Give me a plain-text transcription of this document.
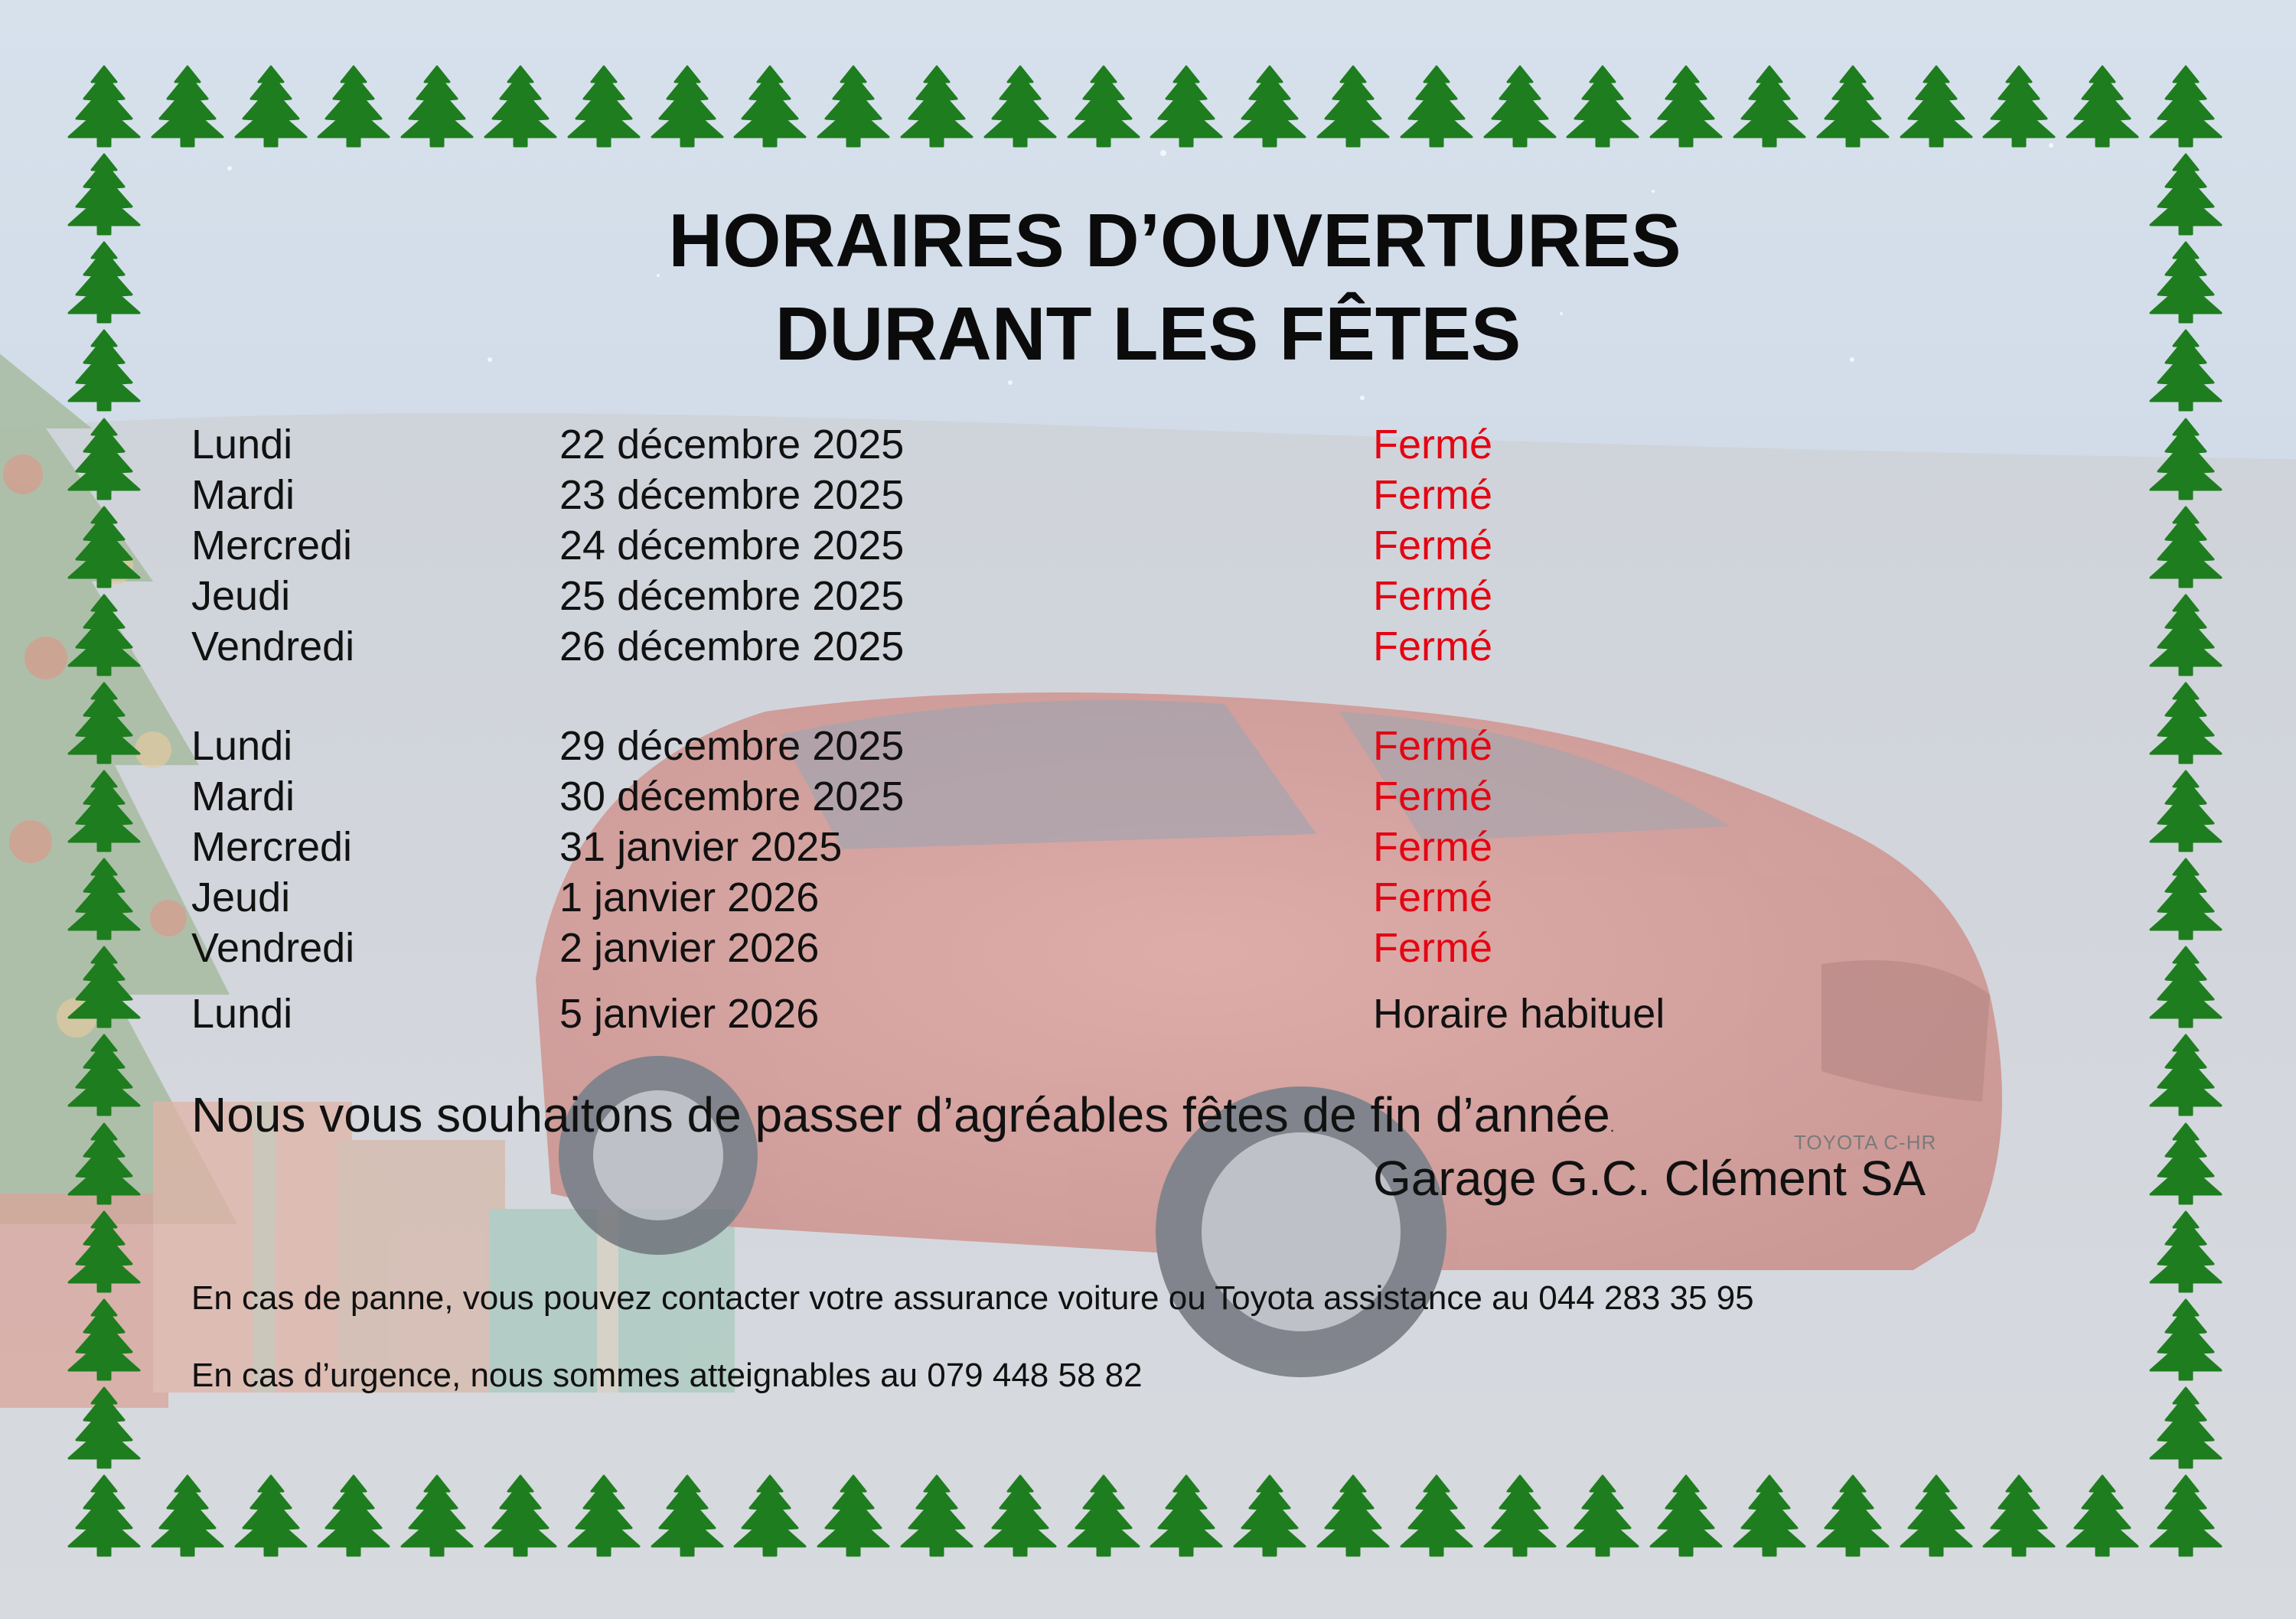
TOYOTA C-HR
HORAIRES D’OUVERTURES
DURANT LES FÊTES
Lundi	22 décembre 2025	Fermé
Mardi	23 décembre 2025	Fermé
Mercredi	24 décembre 2025	Fermé
Jeudi	25 décembre 2025	Fermé
Vendredi	26 décembre 2025	Fermé
Lundi	29 décembre 2025	Fermé
Mardi	30 décembre 2025	Fermé
Mercredi	31 janvier 2025	Fermé
Jeudi	1 janvier 2026	Fermé
Vendredi	2 janvier 2026	Fermé
Lundi	5 janvier 2026	Horaire habituel
Nous vous souhaitons de passer d’agréables fêtes de fin d’année.
Garage G.C. Clément SA
En cas de panne, vous pouvez contacter votre assurance voiture ou Toyota assistance au 044 283 35 95
En cas d’urgence, nous sommes atteignables au 079 448 58 82
